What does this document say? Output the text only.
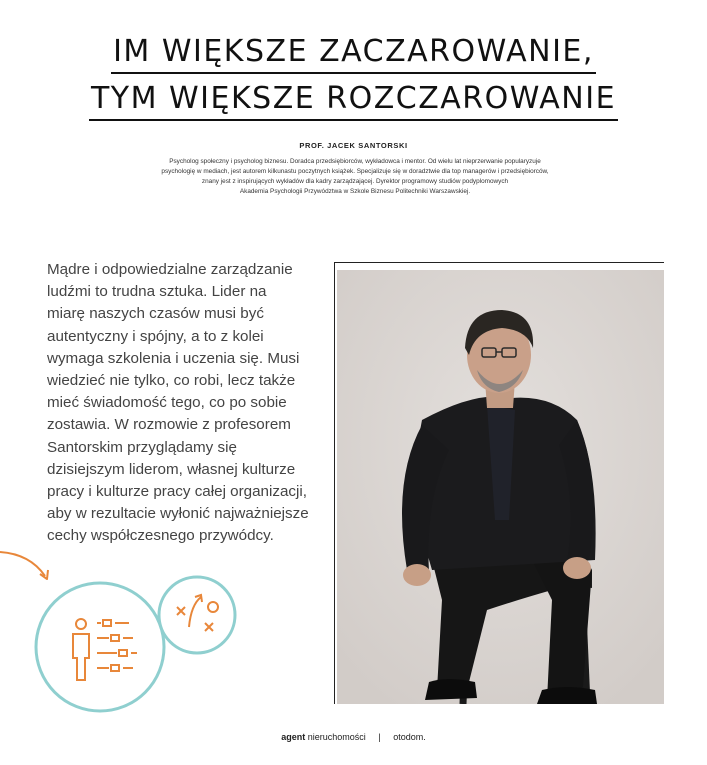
IM WIĘKSZE ZACZAROWANIE,
TYM WIĘKSZE ROZCZAROWANIE
PROF. JACEK SANTORSKI
Psycholog społeczny i psycholog biznesu. Doradca przedsiębiorców, wykładowca i mentor. Od wielu lat nieprzerwanie popularyzuje
psychologię w mediach, jest autorem kilkunastu poczytnych książek. Specjalizuje się w doradztwie dla top managerów i przedsiębiorców,
znany jest z inspirujących wykładów dla kadry zarządzającej. Dyrektor programowy studiów podyplomowych
Akademia Psychologii Przywództwa w Szkole Biznesu Politechniki Warszawskiej.
Mądre i odpowiedzialne zarządzanie
ludźmi to trudna sztuka. Lider na
miarę naszych czasów musi być
autentyczny i spójny, a to z kolei
wymaga szkolenia i uczenia się. Musi
wiedzieć nie tylko, co robi, lecz także
mieć świadomość tego, co po sobie
zostawia. W rozmowie z profesorem
Santorskim przyglądamy się
dzisiejszym liderom, własnej kulturze
pracy i kulturze pracy całej organizacji,
aby w rezultacie wyłonić najważniejsze
cechy współczesnego przywódcy.
agent nieruchomości | otodom.
